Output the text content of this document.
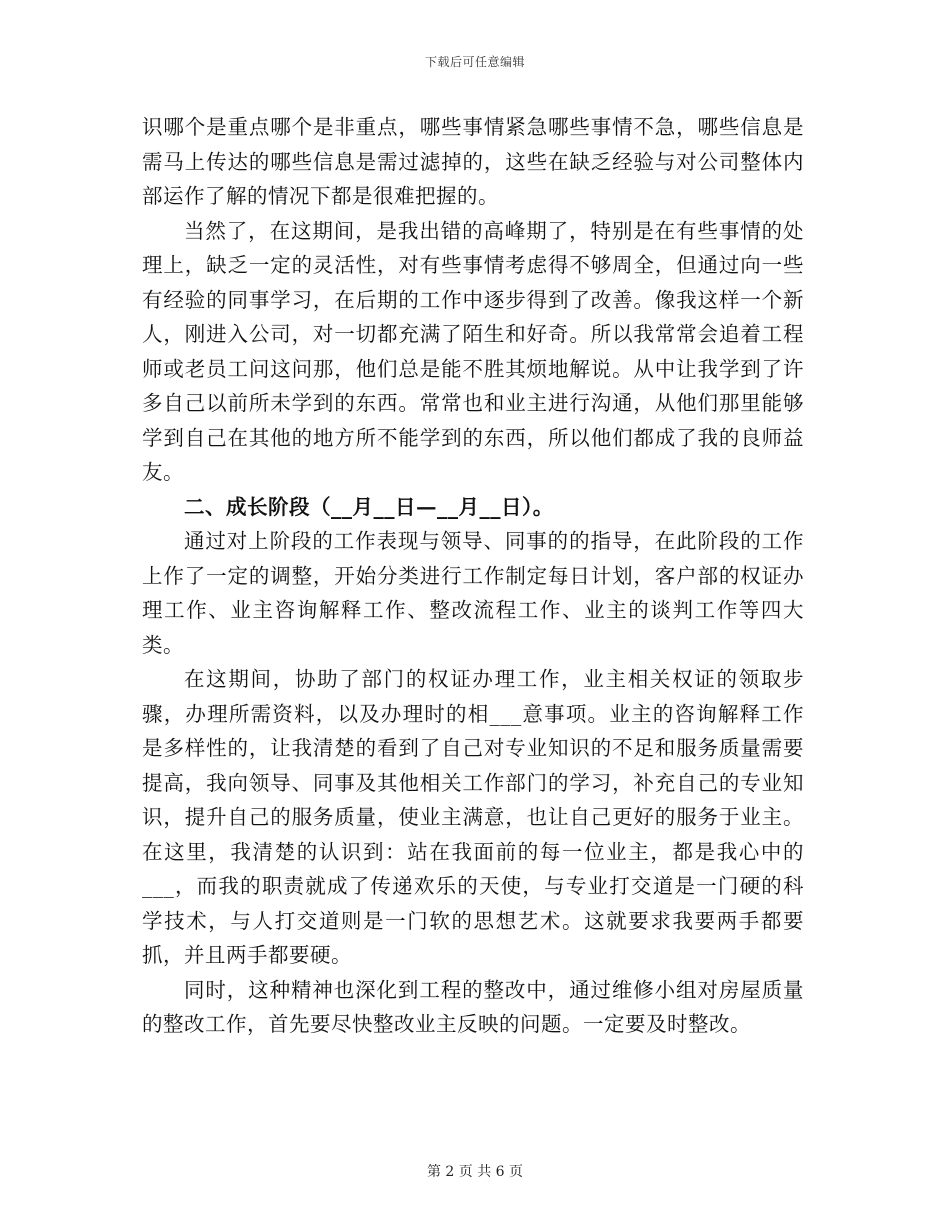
下载后可任意编辑

识哪个是重点哪个是非重点，哪些事情紧急哪些事情不急，哪些信息是需马上传达的哪些信息是需过滤掉的，这些在缺乏经验与对公司整体内部运作了解的情况下都是很难把握的。

当然了，在这期间，是我出错的高峰期了，特别是在有些事情的处理上，缺乏一定的灵活性，对有些事情考虑得不够周全，但通过向一些有经验的同事学习，在后期的工作中逐步得到了改善。像我这样一个新人，刚进入公司，对一切都充满了陌生和好奇。所以我常常会追着工程师或老员工问这问那，他们总是能不胜其烦地解说。从中让我学到了许多自己以前所未学到的东西。常常也和业主进行沟通，从他们那里能够学到自己在其他的地方所不能学到的东西，所以他们都成了我的良师益友。

二、成长阶段（__月__日—__月__日）。

通过对上阶段的工作表现与领导、同事的的指导，在此阶段的工作上作了一定的调整，开始分类进行工作制定每日计划，客户部的权证办理工作、业主咨询解释工作、整改流程工作、业主的谈判工作等四大类。

在这期间，协助了部门的权证办理工作，业主相关权证的领取步骤，办理所需资料，以及办理时的相___意事项。业主的咨询解释工作是多样性的，让我清楚的看到了自己对专业知识的不足和服务质量需要提高，我向领导、同事及其他相关工作部门的学习，补充自己的专业知识，提升自己的服务质量，使业主满意，也让自己更好的服务于业主。在这里，我清楚的认识到：站在我面前的每一位业主，都是我心中的___，而我的职责就成了传递欢乐的天使，与专业打交道是一门硬的科学技术，与人打交道则是一门软的思想艺术。这就要求我要两手都要抓，并且两手都要硬。

同时，这种精神也深化到工程的整改中，通过维修小组对房屋质量的整改工作，首先要尽快整改业主反映的问题。一定要及时整改。

第 2 页 共 6 页
